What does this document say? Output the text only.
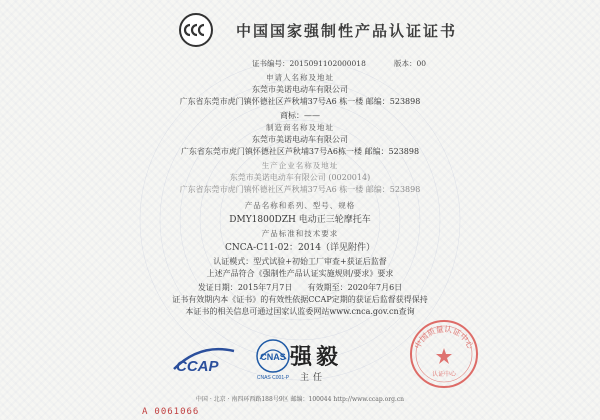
中国国家强制性产品认证证书
证书编号：2015091102000018	版本：00
申请人名称及地址
东莞市美诺电动车有限公司
广东省东莞市虎门镇怀德社区芦秋埔37号A6 栋一楼 邮编：523898
商标：——
制造商名称及地址
东莞市美诺电动车有限公司
广东省东莞市虎门镇怀德社区芦秋埔37号A6栋一楼 邮编：523898
生产企业名称及地址
东莞市美诺电动车有限公司 (0020014)
广东省东莞市虎门镇怀德社区芦秋埔37号A6 栋一楼 邮编：523898
产品名称和系列、型号、规格
DMY1800DZH 电动正三轮摩托车
产品标准和技术要求
CNCA-C11-02：2014（详见附件）
认证模式：型式试验+初始工厂审查+获证后监督
上述产品符合《强制性产品认证实施规则/要求》要求
发证日期：2015年7月7日 有效期至：2020年7月6日
证书有效期内本《证书》的有效性依据CCAP定期的获证后监督获得保持
本证书的相关信息可通过国家认监委网站www.cnca.gov.cn查询
CCAP
CNAS
CNAS C001-P
强毅
主任
中国质量认证中心
认证中心
中国 · 北京 · 南四环西路188号9区 邮编：100044 http://www.ccap.org.cn
A 0061066
